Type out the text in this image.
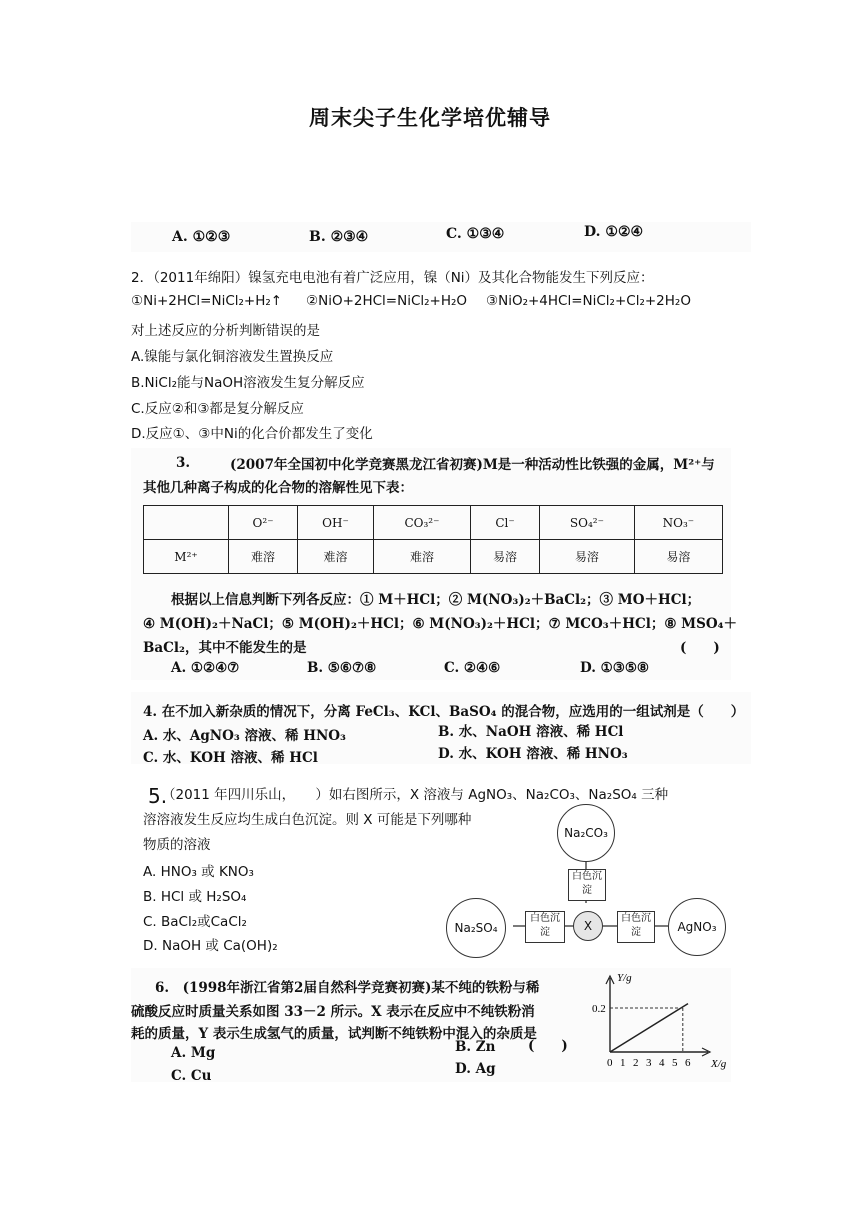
周末尖子生化学培优辅导
A. ①②③	B. ②③④	C. ①③④	D. ①②④
2．（2011年绵阳）镍氢充电电池有着广泛应用，镍（Ni）及其化合物能发生下列反应：
①Ni+2HCl=NiCl₂+H₂↑ ②NiO+2HCl=NiCl₂+H₂O ③NiO₂+4HCl=NiCl₂+Cl₂+2H₂O
对上述反应的分析判断错误的是
A.镍能与氯化铜溶液发生置换反应
B.NiCl₂能与NaOH溶液发生复分解反应
C.反应②和③都是复分解反应
D.反应①、③中Ni的化合价都发生了变化
3.	(2007年全国初中化学竞赛黑龙江省初赛)M是一种活动性比铁强的金属，M²⁺与
其他几种离子构成的化合物的溶解性见下表：
	O²⁻	OH⁻	CO₃²⁻	Cl⁻	SO₄²⁻	NO₃⁻
M²⁺	难溶	难溶	难溶	易溶	易溶	易溶
根据以上信息判断下列各反应：① M＋HCl；② M(NO₃)₂＋BaCl₂；③ MO＋HCl；
④ M(OH)₂＋NaCl；⑤ M(OH)₂＋HCl；⑥ M(NO₃)₂＋HCl；⑦ MCO₃＋HCl；⑧ MSO₄＋
BaCl₂，其中不能发生的是	(　　)
A. ①②④⑦	B. ⑤⑥⑦⑧	C. ②④⑥	D. ①③⑤⑧
4. 在不加入新杂质的情况下，分离 FeCl₃、KCl、BaSO₄ 的混合物，应选用的一组试剂是（　　）
A. 水、AgNO₃ 溶液、稀 HNO₃	B. 水、NaOH 溶液、稀 HCl
C. 水、KOH 溶液、稀 HCl	D. 水、KOH 溶液、稀 HNO₃
5.
（2011 年四川乐山，　　）如右图所示，X 溶液与 AgNO₃、Na₂CO₃、Na₂SO₄ 三种
溶溶液发生反应均生成白色沉淀。则 X 可能是下列哪种
物质的溶液
A. HNO₃ 或 KNO₃
B. HCl 或 H₂SO₄
C. BaCl₂或CaCl₂
D. NaOH 或 Ca(OH)₂
Na₂CO₃
白色沉淀
Na₂SO₄
白色沉淀	X
白色沉淀	AgNO₃
6.　(1998年浙江省第2届自然科学竞赛初赛)某不纯的铁粉与稀
硫酸反应时质量关系如图 33－2 所示。X 表示在反应中不纯铁粉消
耗的质量，Y 表示生成氢气的质量，试判断不纯铁粉中混入的杂质是
(　　)
A. Mg	B. Zn
C. Cu	D. Ag
Y/g
X/g
0.2
0 1 2 3 4 5 6
